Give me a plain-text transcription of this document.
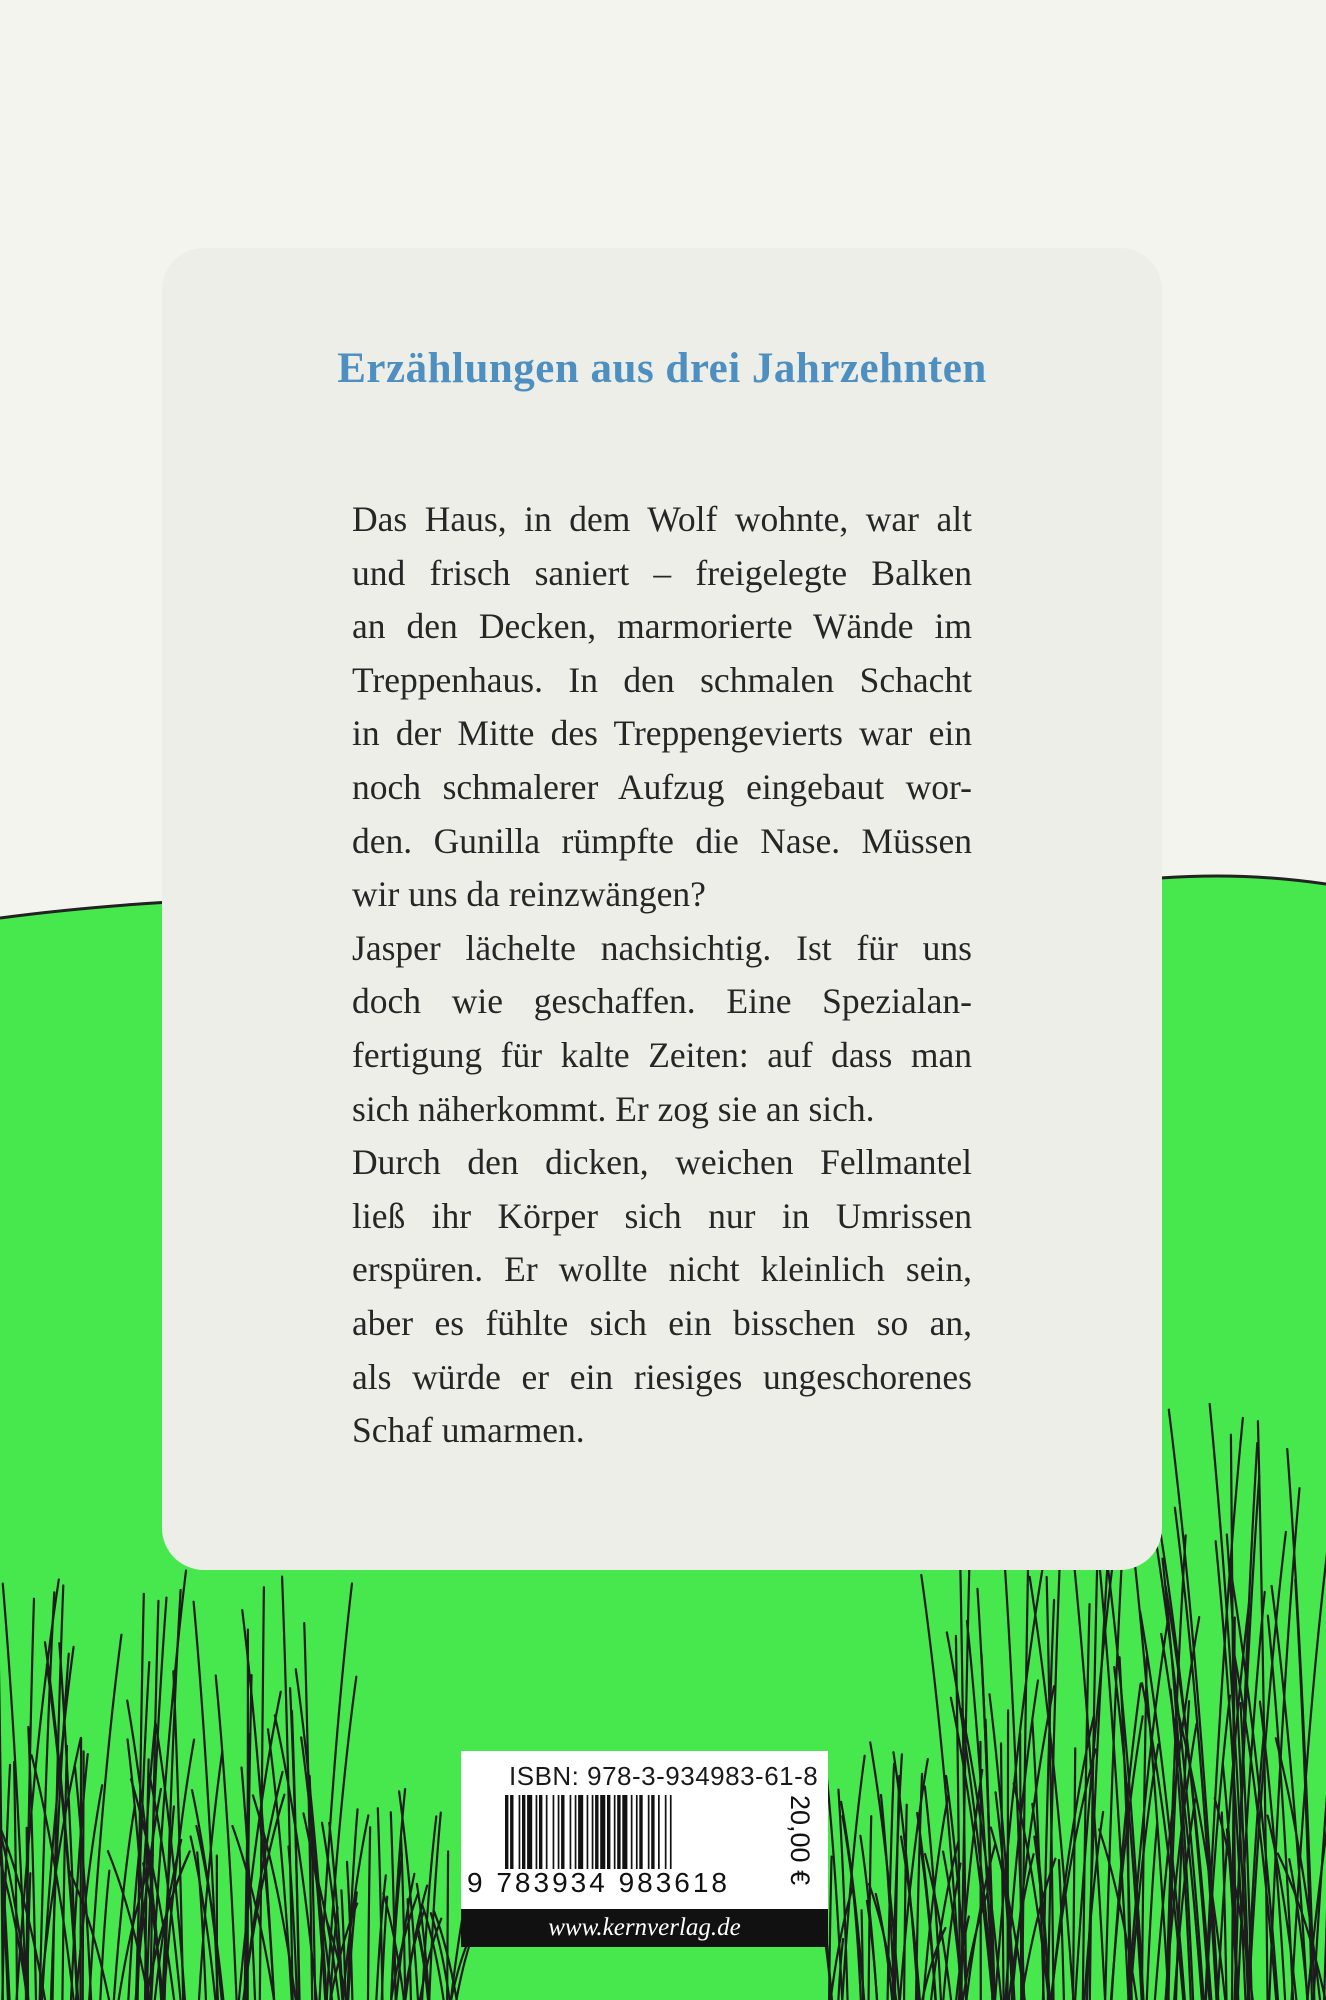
Erzählungen aus drei Jahrzehnten
Das Haus, in dem Wolf wohnte, war alt
und frisch saniert – freigelegte Balken
an den Decken, marmorierte Wände im
Treppenhaus. In den schmalen Schacht
in der Mitte des Treppengevierts war ein
noch schmalerer Aufzug eingebaut wor-
den. Gunilla rümpfte die Nase. Müssen
wir uns da reinzwängen?
Jasper lächelte nachsichtig. Ist für uns
doch wie geschaffen. Eine Spezialan-
fertigung für kalte Zeiten: auf dass man
sich näherkommt. Er zog sie an sich.
Durch den dicken, weichen Fellmantel
ließ ihr Körper sich nur in Umrissen
erspüren. Er wollte nicht kleinlich sein,
aber es fühlte sich ein bisschen so an,
als würde er ein riesiges ungeschorenes
Schaf umarmen.
ISBN: 978-3-934983-61-8
9 783934 983618	20,00 €
www.kernverlag.de
